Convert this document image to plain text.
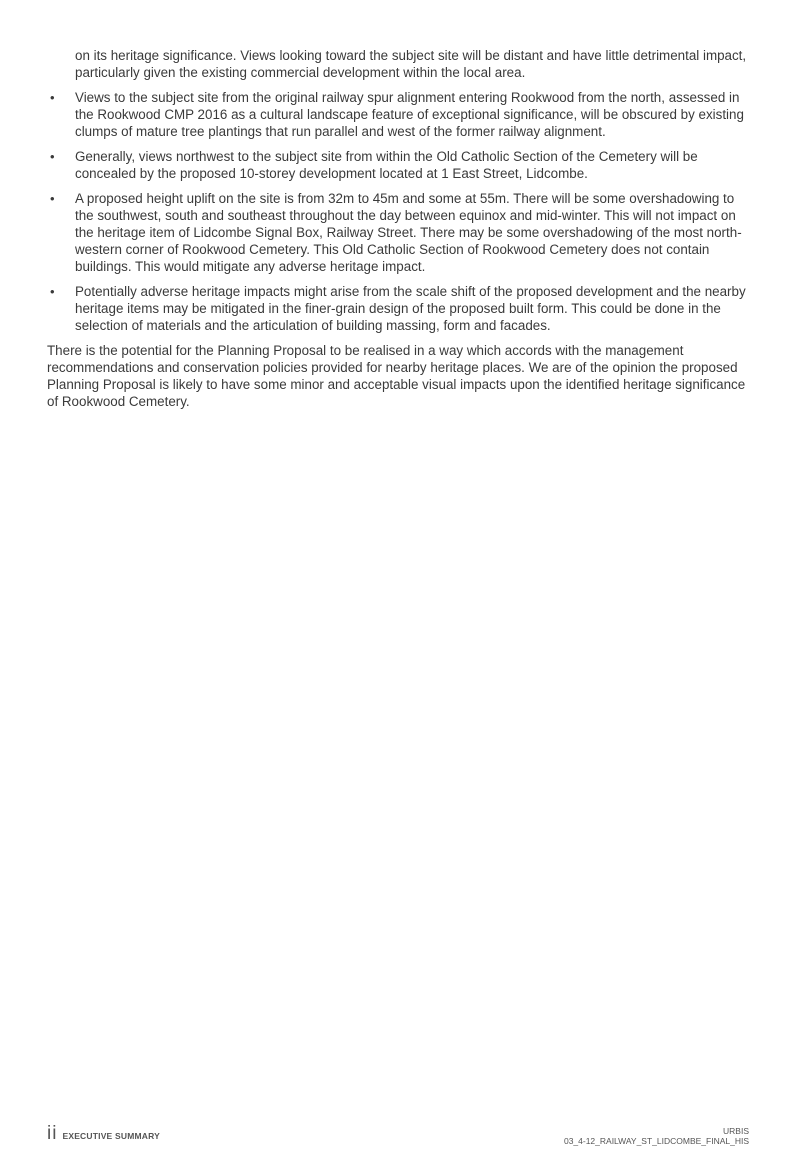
on its heritage significance. Views looking toward the subject site will be distant and have little detrimental impact, particularly given the existing commercial development within the local area.

• Views to the subject site from the original railway spur alignment entering Rookwood from the north, assessed in the Rookwood CMP 2016 as a cultural landscape feature of exceptional significance, will be obscured by existing clumps of mature tree plantings that run parallel and west of the former railway alignment.
• Generally, views northwest to the subject site from within the Old Catholic Section of the Cemetery will be concealed by the proposed 10-storey development located at 1 East Street, Lidcombe.
• A proposed height uplift on the site is from 32m to 45m and some at 55m. There will be some overshadowing to the southwest, south and southeast throughout the day between equinox and mid-winter. This will not impact on the heritage item of Lidcombe Signal Box, Railway Street. There may be some overshadowing of the most north-western corner of Rookwood Cemetery. This Old Catholic Section of Rookwood Cemetery does not contain buildings. This would mitigate any adverse heritage impact.
• Potentially adverse heritage impacts might arise from the scale shift of the proposed development and the nearby heritage items may be mitigated in the finer-grain design of the proposed built form. This could be done in the selection of materials and the articulation of building massing, form and facades.

There is the potential for the Planning Proposal to be realised in a way which accords with the management recommendations and conservation policies provided for nearby heritage places. We are of the opinion the proposed Planning Proposal is likely to have some minor and acceptable visual impacts upon the identified heritage significance of Rookwood Cemetery.

ii EXECUTIVE SUMMARY	URBIS
03_4-12_RAILWAY_ST_LIDCOMBE_FINAL_HIS
